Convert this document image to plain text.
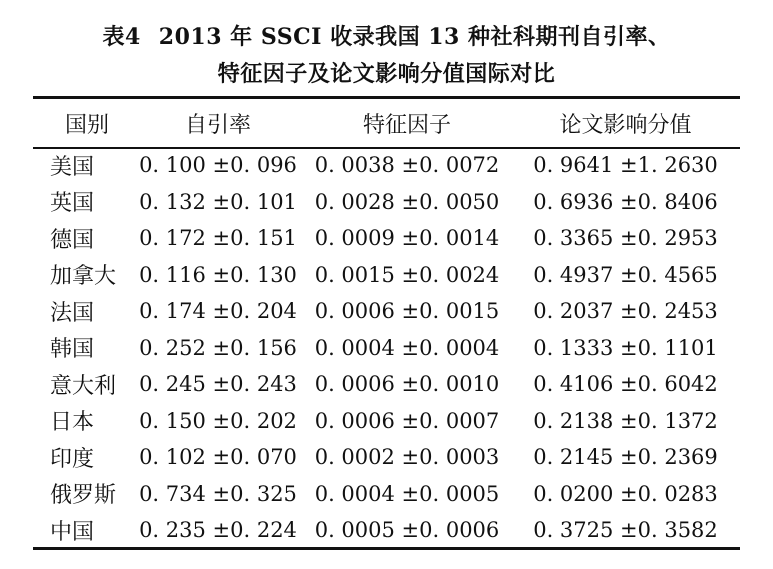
表4 2013 年 SSCI 收录我国 13 种社科期刊自引率、
特征因子及论文影响分值国际对比
国别	自引率	特征因子	论文影响分值
美国	0. 100 ±0. 096	0. 0038 ±0. 0072	0. 9641 ±1. 2630
英国	0. 132 ±0. 101	0. 0028 ±0. 0050	0. 6936 ±0. 8406
德国	0. 172 ±0. 151	0. 0009 ±0. 0014	0. 3365 ±0. 2953
加拿大	0. 116 ±0. 130	0. 0015 ±0. 0024	0. 4937 ±0. 4565
法国	0. 174 ±0. 204	0. 0006 ±0. 0015	0. 2037 ±0. 2453
韩国	0. 252 ±0. 156	0. 0004 ±0. 0004	0. 1333 ±0. 1101
意大利	0. 245 ±0. 243	0. 0006 ±0. 0010	0. 4106 ±0. 6042
日本	0. 150 ±0. 202	0. 0006 ±0. 0007	0. 2138 ±0. 1372
印度	0. 102 ±0. 070	0. 0002 ±0. 0003	0. 2145 ±0. 2369
俄罗斯	0. 734 ±0. 325	0. 0004 ±0. 0005	0. 0200 ±0. 0283
中国	0. 235 ±0. 224	0. 0005 ±0. 0006	0. 3725 ±0. 3582
